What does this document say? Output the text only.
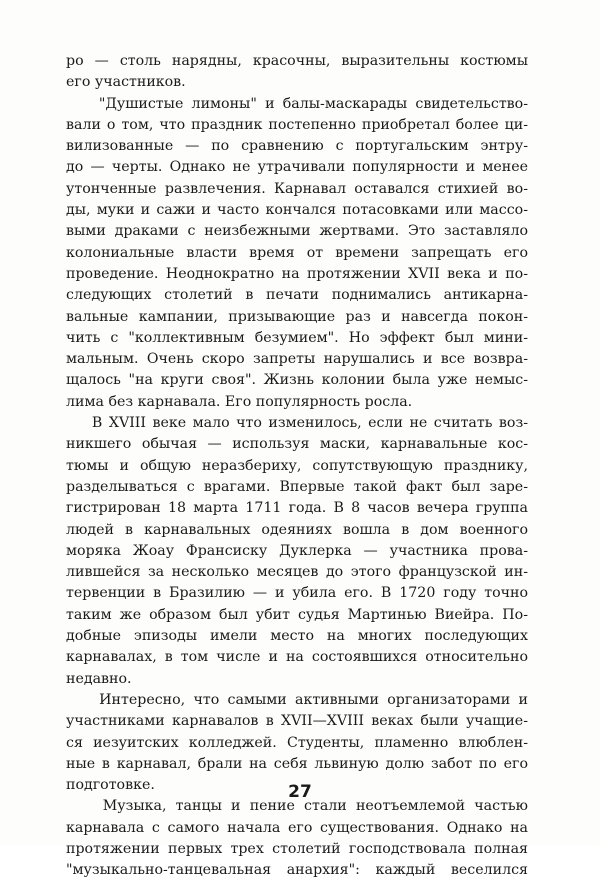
ро — столь нарядны, красочны, выразительны костюмы
его участников.
"Душистые лимоны" и балы-маскарады свидетельство-
вали о том, что праздник постепенно приобретал более ци-
вилизованные — по сравнению с португальским энтру-
до — черты. Однако не утрачивали популярности и менее
утонченные развлечения. Карнавал оставался стихией во-
ды, муки и сажи и часто кончался потасовками или массо-
выми драками с неизбежными жертвами. Это заставляло
колониальные власти время от времени запрещать его
проведение. Неоднократно на протяжении XVII века и по-
следующих столетий в печати поднимались антикарна-
вальные кампании, призывающие раз и навсегда покон-
чить с "коллективным безумием". Но эффект был мини-
мальным. Очень скоро запреты нарушались и все возвра-
щалось "на круги своя". Жизнь колонии была уже немыс-
лима без карнавала. Его популярность росла.
В XVIII веке мало что изменилось, если не считать воз-
никшего обычая — используя маски, карнавальные кос-
тюмы и общую неразбериху, сопутствующую празднику,
разделываться с врагами. Впервые такой факт был заре-
гистрирован 18 марта 1711 года. В 8 часов вечера группа
людей в карнавальных одеяниях вошла в дом военного
моряка Жоау Франсиску Дуклерка — участника прова-
лившейся за несколько месяцев до этого французской ин-
тервенции в Бразилию — и убила его. В 1720 году точно
таким же образом был убит судья Мартинью Виейра. По-
добные эпизоды имели место на многих последующих
карнавалах, в том числе и на состоявшихся относительно
недавно.
Интересно, что самыми активными организаторами и
участниками карнавалов в XVII—XVIII веках были учащие-
ся иезуитских колледжей. Студенты, пламенно влюблен-
ные в карнавал, брали на себя львиную долю забот по его
подготовке.
Музыка, танцы и пение стали неотъемлемой частью
карнавала с самого начала его существования. Однако на
протяжении первых трех столетий господствовала полная
"музыкально-танцевальная анархия": каждый веселился
27
